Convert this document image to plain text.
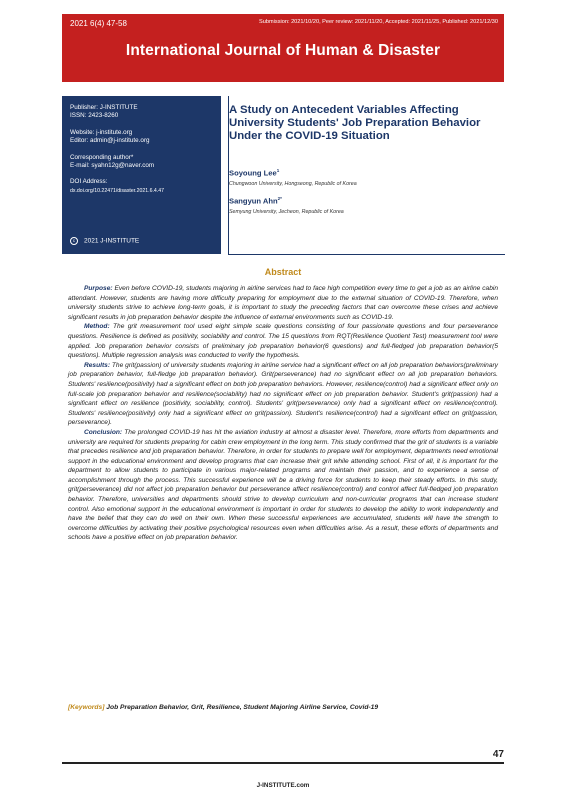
2021 6(4) 47-58	Submission: 2021/10/20, Peer review: 2021/11/20, Accepted: 2021/11/25, Published: 2021/12/30
International Journal of Human & Disaster
Publisher: J-INSTITUTE
ISSN: 2423-8260
Website: j-institute.org
Editor: admin@j-institute.org
Corresponding author*
E-mail: syahn12g@naver.com
DOI Address:
dx.doi.org/10.22471/disaster.2021.6.4.47
c 2021 J-INSTITUTE
A Study on Antecedent Variables Affecting University Students' Job Preparation Behavior Under the COVID-19 Situation
Soyoung Lee$^1$
Chungwoon University, Hongseong, Republic of Korea
Sangyun Ahn$^{2*}$
Semyung University, Jecheon, Republic of Korea
Abstract

Purpose: Even before COVID-19, students majoring in airline services had to face high competition every time to get a job as an airline cabin attendant. However, students are having more difficulty preparing for employment due to the external situation of COVID-19. Therefore, when university students strive to achieve long-term goals, it is important to study the preceding factors that can overcome these crises and achieve significant results in job preparation behavior despite the influence of external environments such as COVID-19.

Method: The grit measurement tool used eight simple scale questions consisting of four passionate questions and four perseverance questions. Resilience is defined as positivity, sociability and control. The 15 questions from RQT(Resilience Quotient Test) measurement tool were applied. Job preparation behavior consists of preliminary job preparation behavior(6 questions) and full-fledged job preparation behavior(5 questions). Multiple regression analysis was conducted to verify the hypothesis.

Results: The grit(passion) of university students majoring in airline service had a significant effect on all job preparation behaviors(preliminary job preparation behavior, full-fledge job preparation behavior). Grit(perseverance) had no significant effect on all job preparation behaviors. Students' resilience(positivity) had a significant effect on both job preparation behaviors. However, resilience(control) had a significant effect only on full-scale job preparation behavior and resilience(sociability) had no significant effect on job preparation behavior. Student's grit(passion) had a significant effect on resilience (positivity, sociability, control). Students' grit(perseverance) only had a significant effect on resilience(control). Students' resilience(positivity) only had a significant effect on grit(passion). Student's resilience(control) had a significant effect on grit(passion, perseverance).

Conclusion: The prolonged COVID-19 has hit the aviation industry at almost a disaster level. Therefore, more efforts from departments and university are required for students preparing for cabin crew employment in the long term. This study confirmed that the grit of students is a variable that precedes resilience and job preparation behavior. Therefore, in order for students to prepare well for employment, departments need emotional support in the educational environment and develop programs that can increase their grit while attending school. First of all, it is important for the department to allow students to participate in various major-related programs and maintain their passion, and to experience a sense of accomplishment through the process. This successful experience will be a driving force for students to keep their steady efforts. In this study, grit(perseverance) did not affect job preparation behavior but perseverance affect resilience(control) and control affect full-fledged job preparation behavior. Therefore, universities and departments should strive to develop curriculum and non-curricular programs that can increase student control. Also emotional support in the educational environment is important in order for students to develop the ability to work independently and have the belief that they can do well on their own. When these successful experiences are accumulated, students will have the strength to overcome difficulties by activating their positive psychological resources even when difficulties arise. As a result, these efforts of departments and schools have a positive effect on job preparation behavior.

[Keywords] Job Preparation Behavior, Grit, Resilience, Student Majoring Airline Service, Covid-19
47
J-INSTITUTE.com
